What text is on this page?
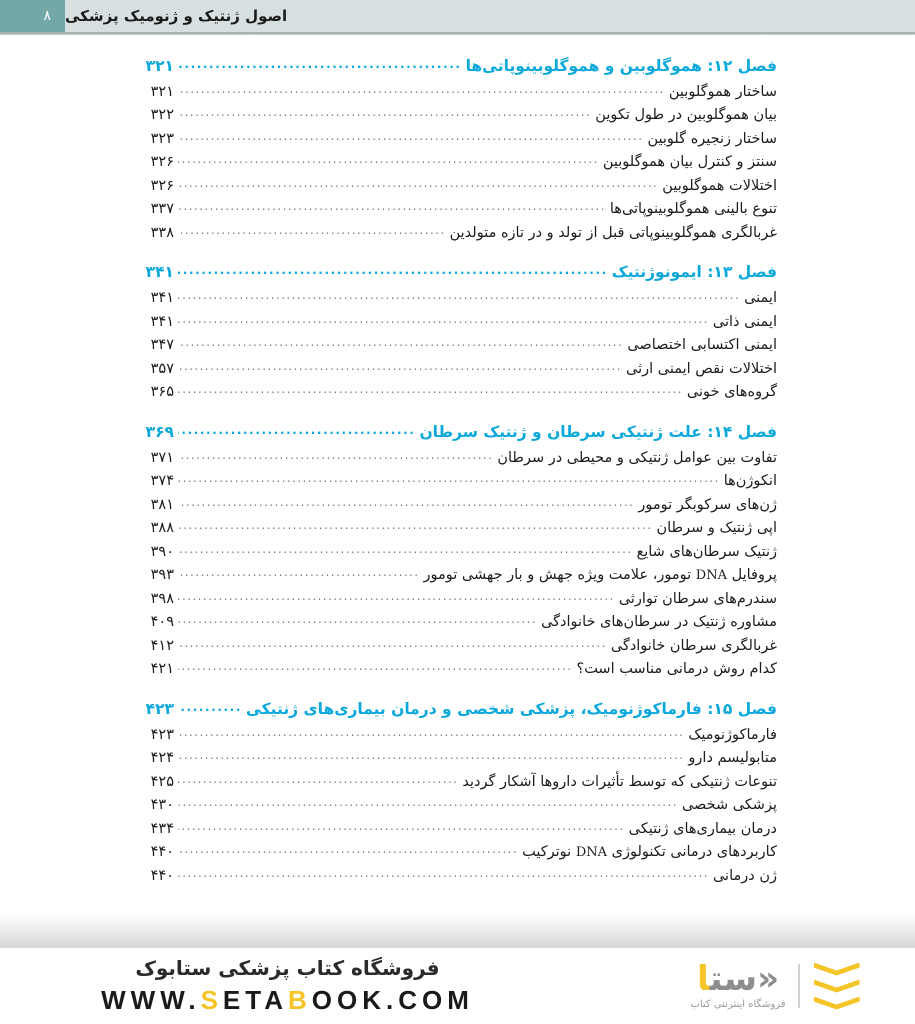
۸ اصول ژنتیک و ژنومیک پزشکی
فصل ۱۲: هموگلوبین و هموگلوبینوپاتی‌ها
.....
۳۲۱
ساختار هموگلوبین
.....
۳۲۱
بیان هموگلوبین در طول تکوین
.....
۳۲۲
ساختار زنجیره گلوبین
.....
۳۲۳
سنتز و کنترل بیان هموگلوبین
.....
۳۲۶
اختلالات هموگلوبین
.....
۳۲۶
تنوع بالینی هموگلوبینوپاتی‌ها
.....
۳۳۷
غربالگری هموگلوبینوپاتی قبل از تولد و در تازه متولدین
.....
۳۳۸
فصل ۱۳: ایمونوژنتیک
.....
۳۴۱
ایمنی
.....
۳۴۱
ایمنی ذاتی
.....
۳۴۱
ایمنی اکتسابی اختصاصی
.....
۳۴۷
اختلالات نقص ایمنی ارثی
.....
۳۵۷
گروه‌های خونی
.....
۳۶۵
فصل ۱۴: علت ژنتیکی سرطان و ژنتیک سرطان
.....
۳۶۹
تفاوت بین عوامل ژنتیکی و محیطی در سرطان
.....
۳۷۱
انکوژن‌ها
.....
۳۷۴
ژن‌های سرکوبگر تومور
.....
۳۸۱
اپی ژنتیک و سرطان
.....
۳۸۸
ژنتیک سرطان‌های شایع
.....
۳۹۰
پروفایل DNA تومور، علامت ویژه جهش و بار جهشی تومور
.....
۳۹۳
سندرم‌های سرطان توارثی
.....
۳۹۸
مشاوره ژنتیک در سرطان‌های خانوادگی
.....
۴۰۹
غربالگری سرطان خانوادگی
.....
۴۱۲
کدام روش درمانی مناسب است؟
.....
۴۲۱
فصل ۱۵: فارماکوژنومیک، پزشکی شخصی و درمان بیماری‌های ژنتیکی
.....
۴۲۳
فارماکوژنومیک
.....
۴۲۳
متابولیسم دارو
.....
۴۲۴
تنوعات ژنتیکی که توسط تأثیرات داروها آشکار گردید
.....
۴۲۵
پزشکی شخصی
.....
۴۳۰
درمان بیماری‌های ژنتیکی
.....
۴۳۴
کاربردهای درمانی تکنولوژی DNA نوترکیب
.....
۴۴۰
ژن درمانی
.....
۴۴۰
«ستا
فروشگاه اینترنتی کتاب
فروشگاه کتاب پزشکی ستابوک
WWW.SETABOOK.COM
